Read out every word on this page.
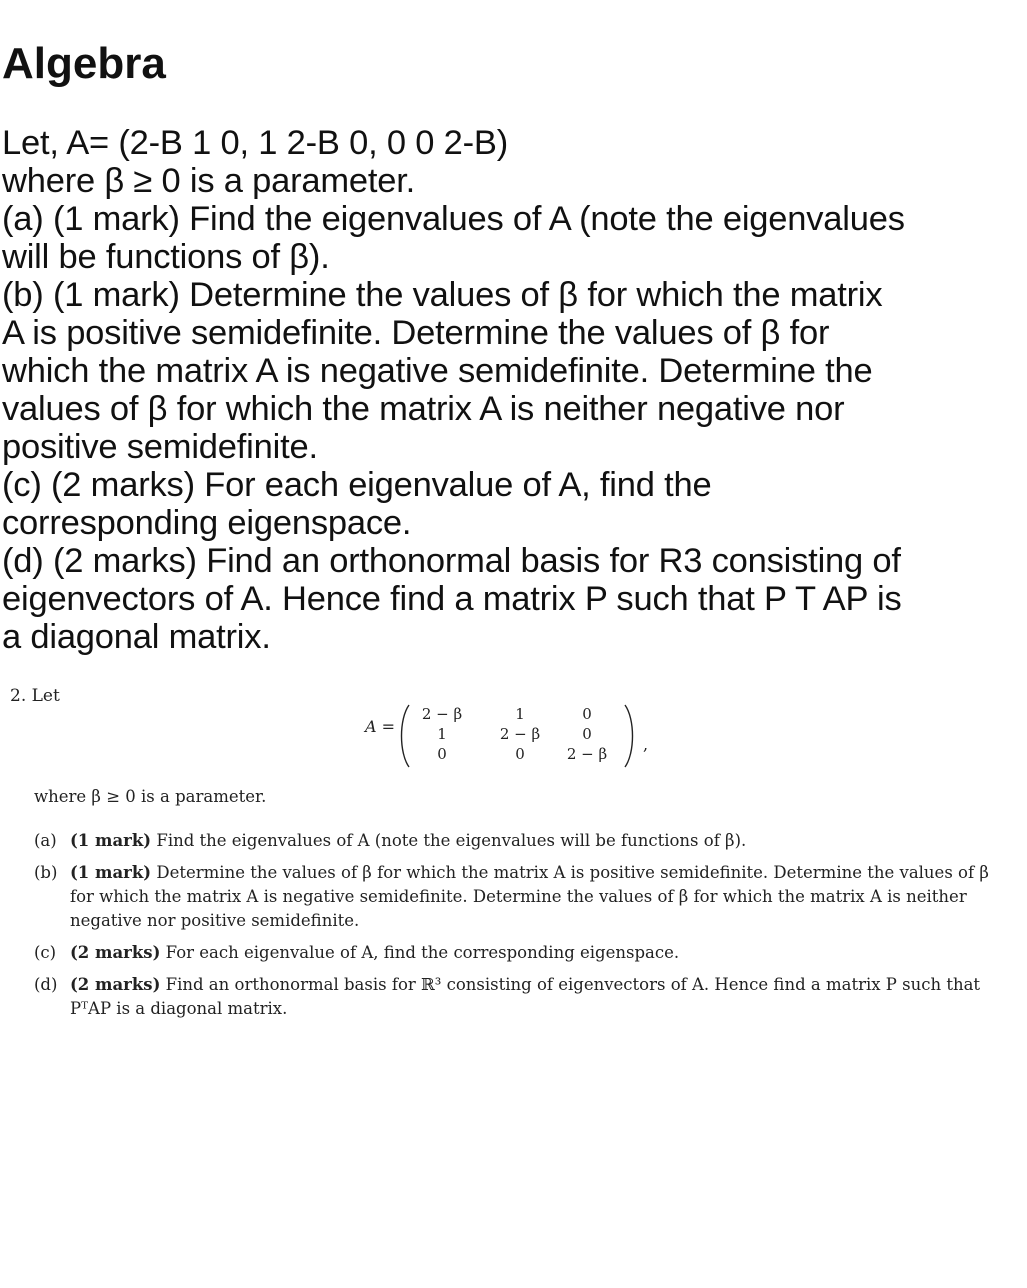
Algebra
Let, A= (2-B 1 0, 1 2-B 0, 0 0 2-B)
where β ≥ 0 is a parameter.
(a) (1 mark) Find the eigenvalues of A (note the eigenvalues
will be functions of β).
(b) (1 mark) Determine the values of β for which the matrix
A is positive semidefinite. Determine the values of β for
which the matrix A is negative semidefinite. Determine the
values of β for which the matrix A is neither negative nor
positive semidefinite.
(c) (2 marks) For each eigenvalue of A, find the
corresponding eigenspace.
(d) (2 marks) Find an orthonormal basis for R3 consisting of
eigenvectors of A. Hence find a matrix P such that P T AP is
a diagonal matrix.
2. Let
A =
2 − β	1	0
1	2 − β	0
0	0	2 − β	,
where β ≥ 0 is a parameter.
(a) (1 mark) Find the eigenvalues of A (note the eigenvalues will be functions of β).
(b) (1 mark) Determine the values of β for which the matrix A is positive semidefinite. Determine the values of β for which the matrix A is negative semidefinite. Determine the values of β for which the matrix A is neither negative nor positive semidefinite.
(c) (2 marks) For each eigenvalue of A, find the corresponding eigenspace.
(d) (2 marks) Find an orthonormal basis for ℝ³ consisting of eigenvectors of A. Hence find a matrix P such that PᵀAP is a diagonal matrix.
